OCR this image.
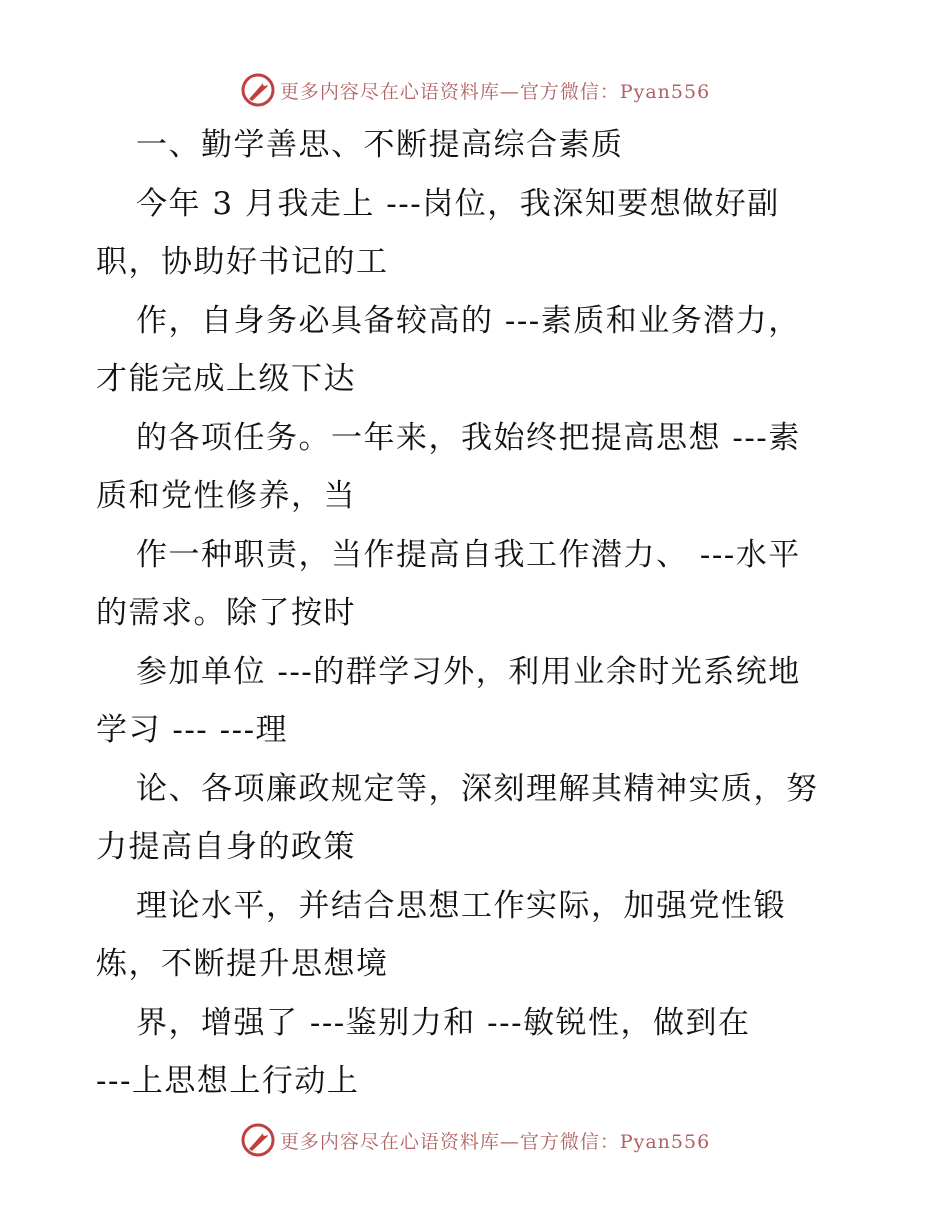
更多内容尽在心语资料库—官方微信：Pyan556
一、勤学善思、不断提高综合素质
今年 3 月我走上 ---岗位，我深知要想做好副
职，协助好书记的工
作，自身务必具备较高的 ---素质和业务潜力，
才能完成上级下达
的各项任务。一年来，我始终把提高思想 ---素
质和党性修养，当
作一种职责，当作提高自我工作潜力、 ---水平
的需求。除了按时
参加单位 ---的群学习外，利用业余时光系统地
学习 --- ---理
论、各项廉政规定等，深刻理解其精神实质，努
力提高自身的政策
理论水平，并结合思想工作实际，加强党性锻
炼，不断提升思想境
界，增强了 ---鉴别力和 ---敏锐性，做到在
---上思想上行动上
更多内容尽在心语资料库—官方微信：Pyan556
